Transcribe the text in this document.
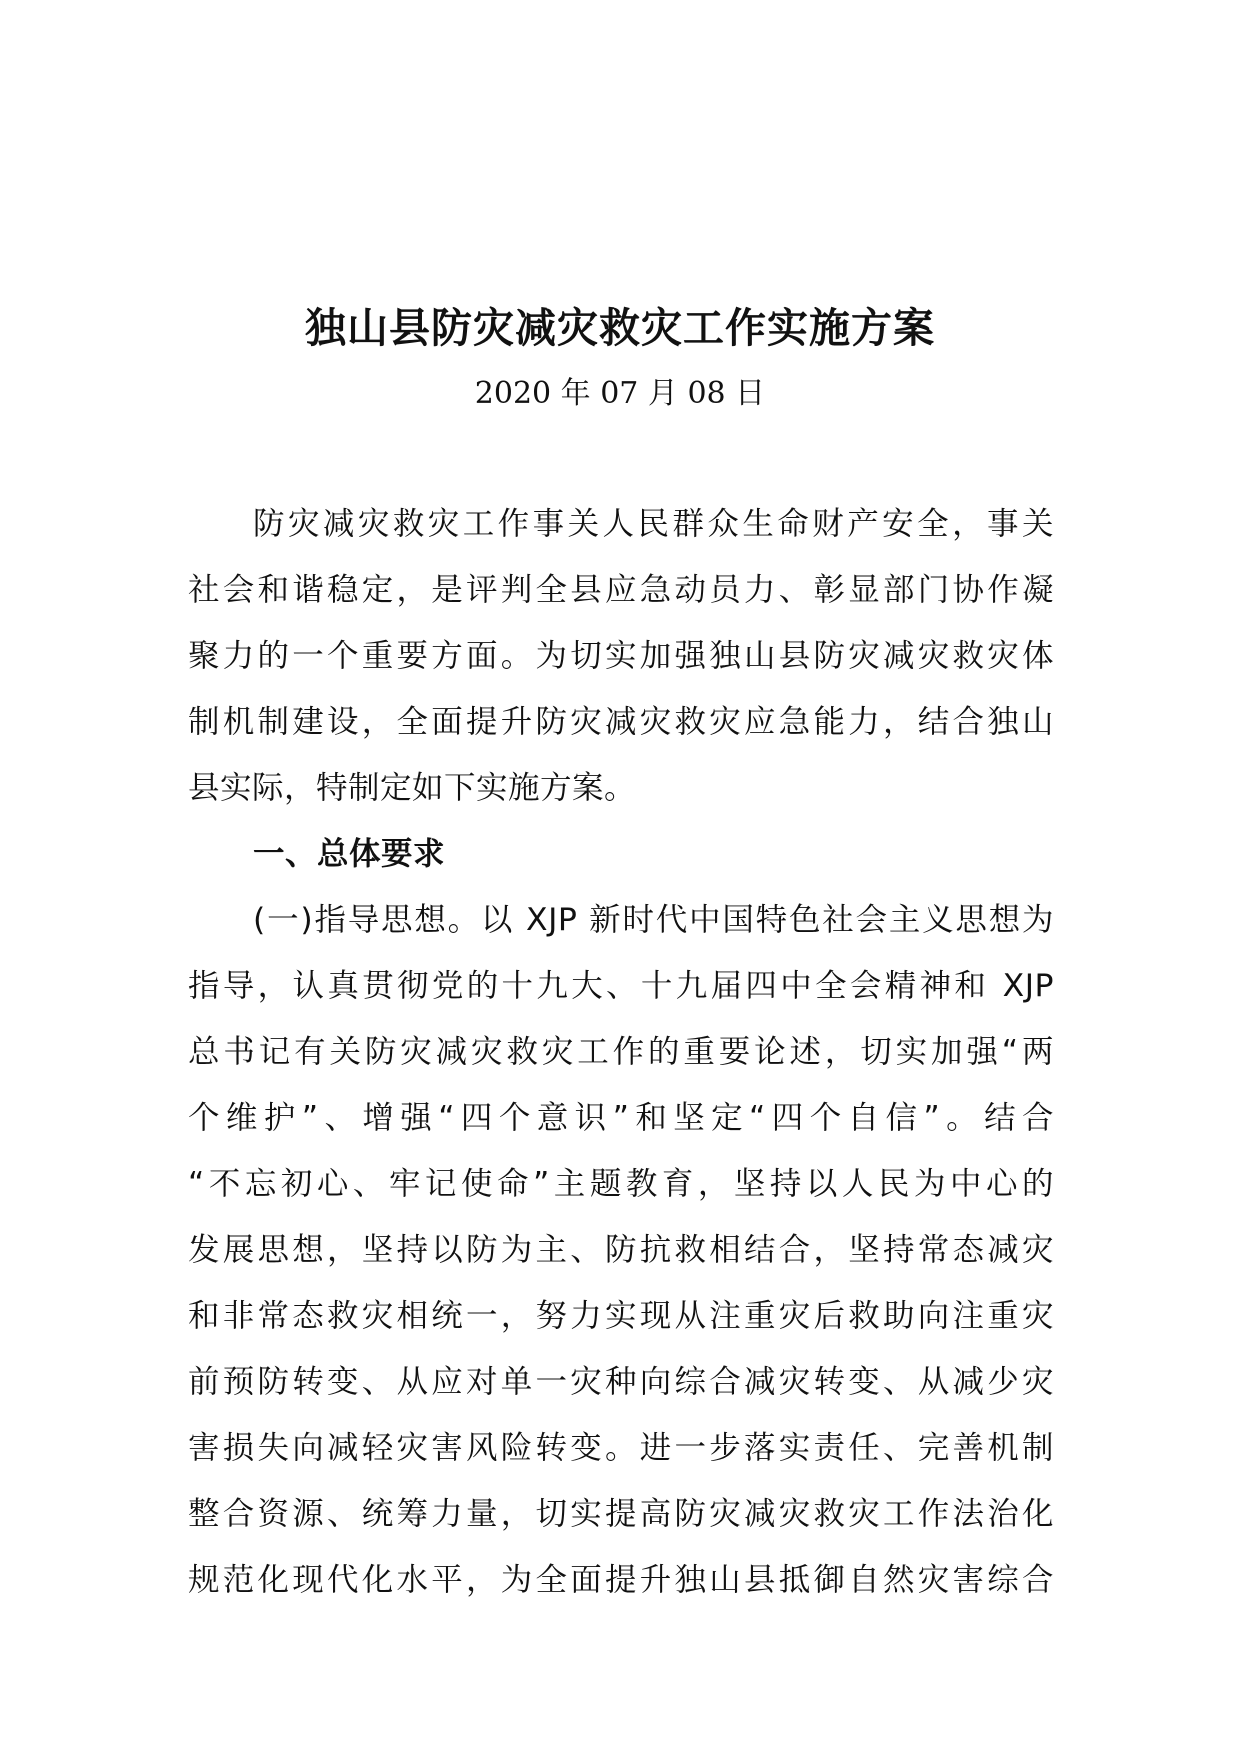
独山县防灾减灾救灾工作实施方案
2020 年 07 月 08 日

防灾减灾救灾工作事关人民群众生命财产安全，事关

社会和谐稳定，是评判全县应急动员力、彰显部门协作凝

聚力的一个重要方面。为切实加强独山县防灾减灾救灾体

制机制建设，全面提升防灾减灾救灾应急能力，结合独山

县实际，特制定如下实施方案。

一、总体要求

(一)指导思想。以 XJP 新时代中国特色社会主义思想为

指导，认真贯彻党的十九大、十九届四中全会精神和 XJP

总书记有关防灾减灾救灾工作的重要论述，切实加强“两

个维护”、增强“四个意识”和坚定“四个自信”。结合

“不忘初心、牢记使命”主题教育，坚持以人民为中心的

发展思想，坚持以防为主、防抗救相结合，坚持常态减灾

和非常态救灾相统一，努力实现从注重灾后救助向注重灾

前预防转变、从应对单一灾种向综合减灾转变、从减少灾

害损失向减轻灾害风险转变。进一步落实责任、完善机制

整合资源、统筹力量，切实提高防灾减灾救灾工作法治化

规范化现代化水平，为全面提升独山县抵御自然灾害综合
